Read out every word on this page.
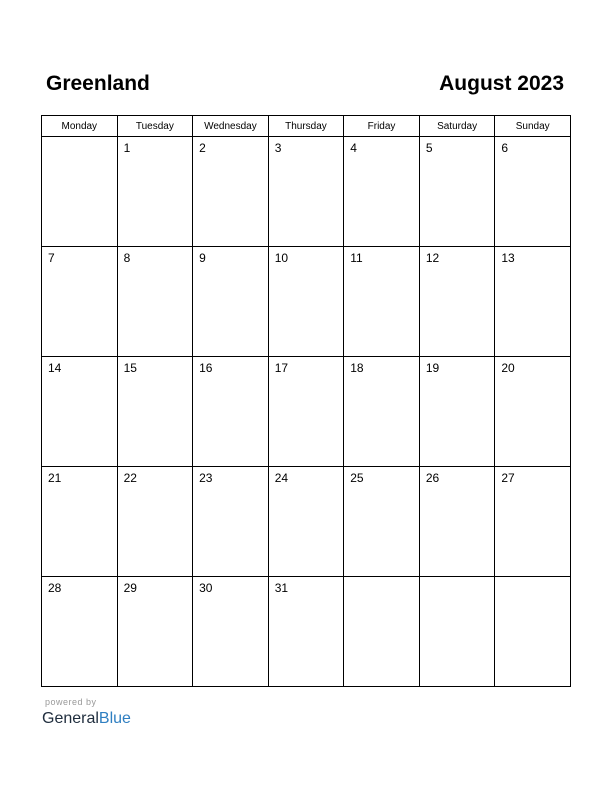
Greenland	August 2023
Monday	Tuesday	Wednesday	Thursday	Friday	Saturday	Sunday

	1	2	3	4	5	6

7	8	9	10	11	12	13

14	15	16	17	18	19	20

21	22	23	24	25	26	27

28	29	30	31			

powered by
GeneralBlue
